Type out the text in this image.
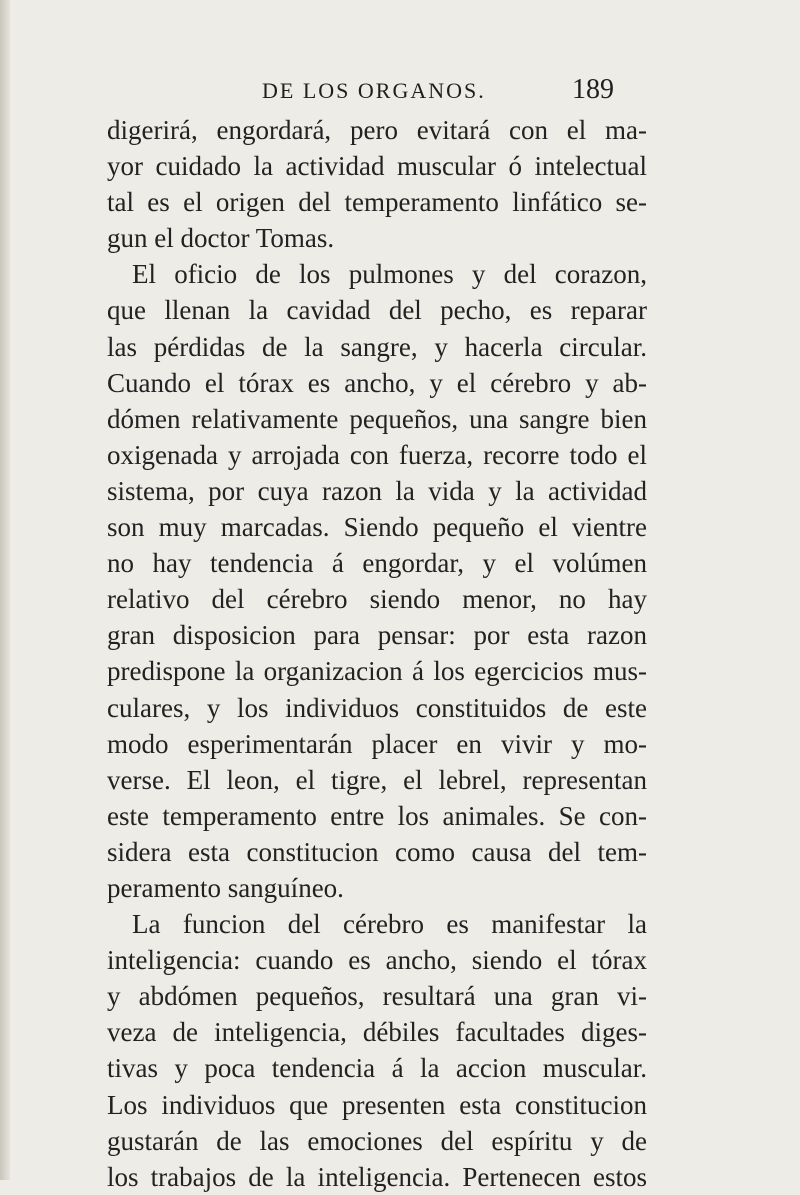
DE LOS ORGANOS.	189
digerirá, engordará, pero evitará con el ma-
yor cuidado la actividad muscular ó intelectual
tal es el origen del temperamento linfático se-
gun el doctor Tomas.
El oficio de los pulmones y del corazon,
que llenan la cavidad del pecho, es reparar
las pérdidas de la sangre, y hacerla circular.
Cuando el tórax es ancho, y el cérebro y ab-
dómen relativamente pequeños, una sangre bien
oxigenada y arrojada con fuerza, recorre todo el
sistema, por cuya razon la vida y la actividad
son muy marcadas. Siendo pequeño el vientre
no hay tendencia á engordar, y el volúmen
relativo del cérebro siendo menor, no hay
gran disposicion para pensar: por esta razon
predispone la organizacion á los egercicios mus-
culares, y los individuos constituidos de este
modo esperimentarán placer en vivir y mo-
verse. El leon, el tigre, el lebrel, representan
este temperamento entre los animales. Se con-
sidera esta constitucion como causa del tem-
peramento sanguíneo.
La funcion del cérebro es manifestar la
inteligencia: cuando es ancho, siendo el tórax
y abdómen pequeños, resultará una gran vi-
veza de inteligencia, débiles facultades diges-
tivas y poca tendencia á la accion muscular.
Los individuos que presenten esta constitucion
gustarán de las emociones del espíritu y de
los trabajos de la inteligencia. Pertenecen estos
